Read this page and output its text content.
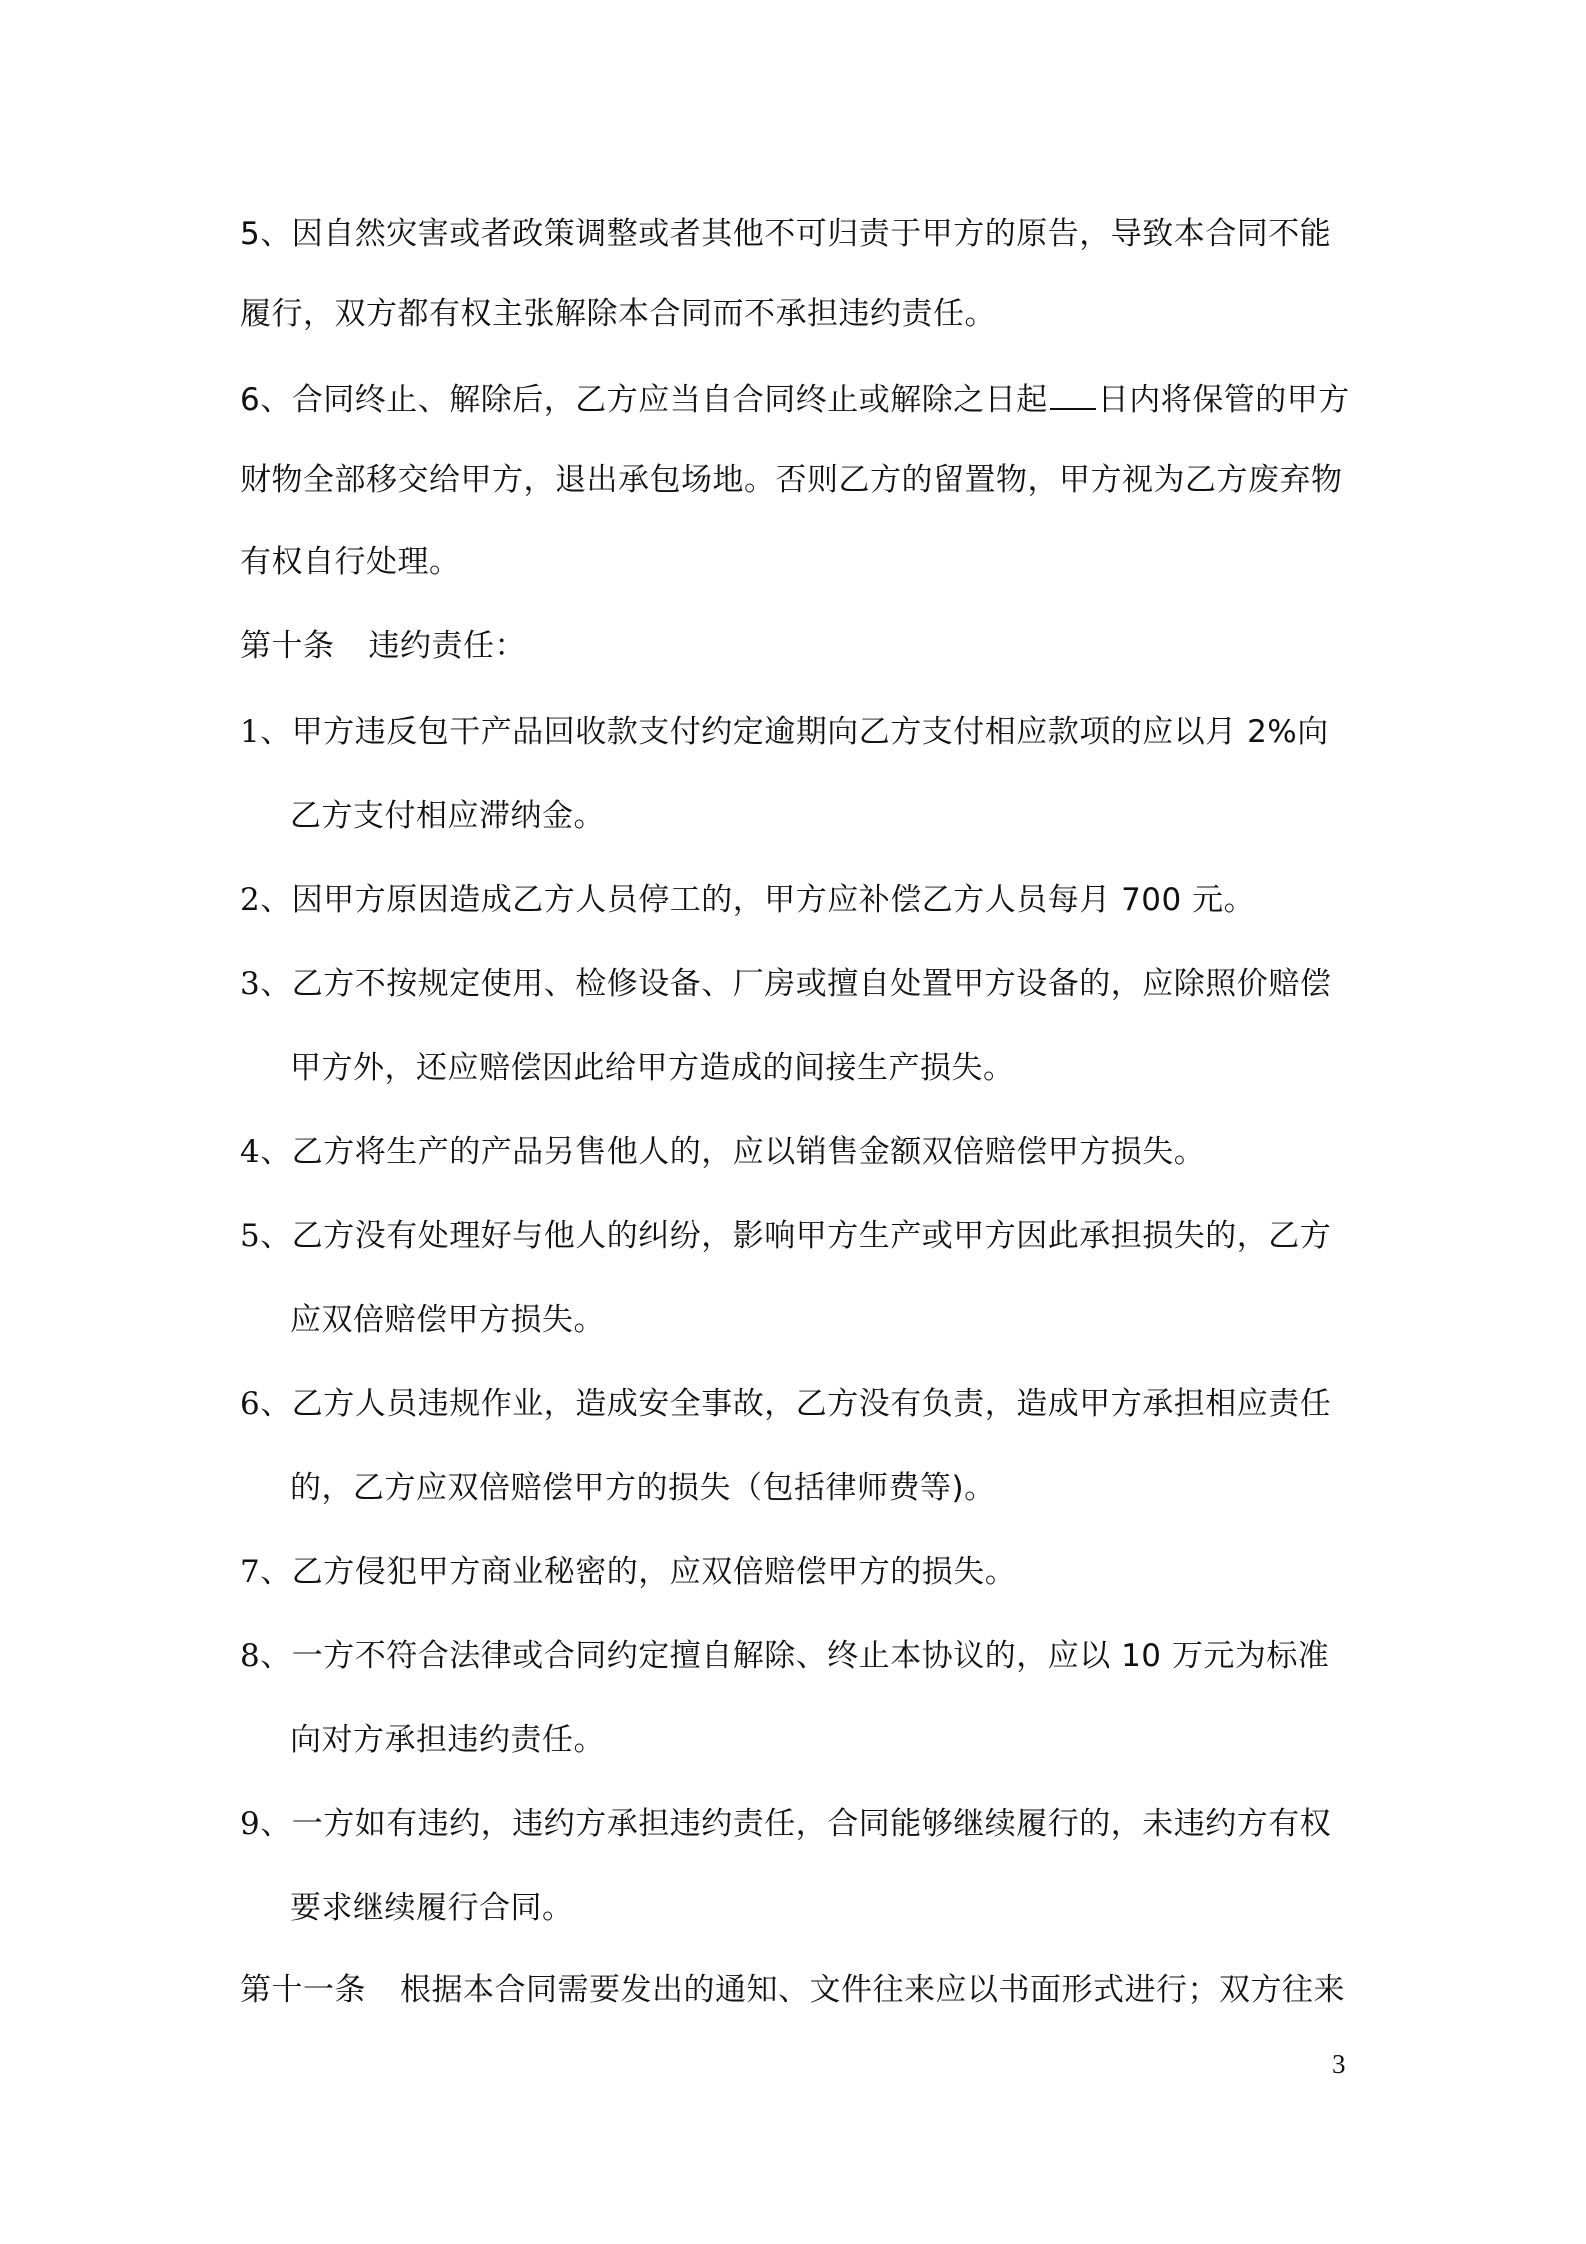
5、因自然灾害或者政策调整或者其他不可归责于甲方的原告，导致本合同不能
履行，双方都有权主张解除本合同而不承担违约责任。
6、合同终止、解除后，乙方应当自合同终止或解除之日起 日内将保管的甲方
财物全部移交给甲方，退出承包场地。否则乙方的留置物，甲方视为乙方废弃物
有权自行处理。
第十条 违约责任：
1、甲方违反包干产品回收款支付约定逾期向乙方支付相应款项的应以月 2%向
乙方支付相应滞纳金。
2、因甲方原因造成乙方人员停工的，甲方应补偿乙方人员每月 700 元。
3、乙方不按规定使用、检修设备、厂房或擅自处置甲方设备的，应除照价赔偿
甲方外，还应赔偿因此给甲方造成的间接生产损失。
4、乙方将生产的产品另售他人的，应以销售金额双倍赔偿甲方损失。
5、乙方没有处理好与他人的纠纷，影响甲方生产或甲方因此承担损失的，乙方
应双倍赔偿甲方损失。
6、乙方人员违规作业，造成安全事故，乙方没有负责，造成甲方承担相应责任
的，乙方应双倍赔偿甲方的损失（包括律师费等)。
7、乙方侵犯甲方商业秘密的，应双倍赔偿甲方的损失。
8、一方不符合法律或合同约定擅自解除、终止本协议的，应以 10 万元为标准
向对方承担违约责任。
9、一方如有违约，违约方承担违约责任，合同能够继续履行的，未违约方有权
要求继续履行合同。
第十一条 根据本合同需要发出的通知、文件往来应以书面形式进行；双方往来
3
